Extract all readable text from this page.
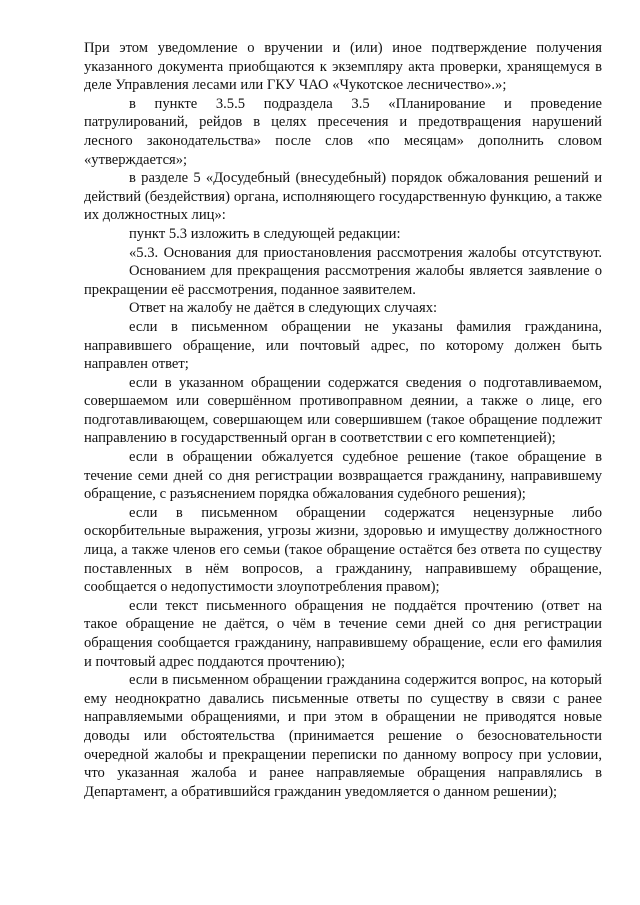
При этом уведомление о вручении и (или) иное подтверждение получения указанного документа приобщаются к экземпляру акта проверки, хранящемуся в деле Управления лесами или ГКУ ЧАО «Чукотское лесничество».»;

в пункте 3.5.5 подраздела 3.5 «Планирование и проведение патрулирований, рейдов в целях пресечения и предотвращения нарушений лесного законодательства» после слов «по месяцам» дополнить словом «утверждается»;

в разделе 5 «Досудебный (внесудебный) порядок обжалования решений и действий (бездействия) органа, исполняющего государственную функцию, а также их должностных лиц»:

пункт 5.3 изложить в следующей редакции:

«5.3. Основания для приостановления рассмотрения жалобы отсутствуют.

Основанием для прекращения рассмотрения жалобы является заявление о прекращении её рассмотрения, поданное заявителем.

Ответ на жалобу не даётся в следующих случаях:

если в письменном обращении не указаны фамилия гражданина, направившего обращение, или почтовый адрес, по которому должен быть направлен ответ;

если в указанном обращении содержатся сведения о подготавливаемом, совершаемом или совершённом противоправном деянии, а также о лице, его подготавливающем, совершающем или совершившем (такое обращение подлежит направлению в государственный орган в соответствии с его компетенцией);

если в обращении обжалуется судебное решение (такое обращение в течение семи дней со дня регистрации возвращается гражданину, направившему обращение, с разъяснением порядка обжалования судебного решения);

если в письменном обращении содержатся нецензурные либо оскорбительные выражения, угрозы жизни, здоровью и имуществу должностного лица, а также членов его семьи (такое обращение остаётся без ответа по существу поставленных в нём вопросов, а гражданину, направившему обращение, сообщается о недопустимости злоупотребления правом);

если текст письменного обращения не поддаётся прочтению (ответ на такое обращение не даётся, о чём в течение семи дней со дня регистрации обращения сообщается гражданину, направившему обращение, если его фамилия и почтовый адрес поддаются прочтению);

если в письменном обращении гражданина содержится вопрос, на который ему неоднократно давались письменные ответы по существу в связи с ранее направляемыми обращениями, и при этом в обращении не приводятся новые доводы или обстоятельства (принимается решение о безосновательности очередной жалобы и прекращении переписки по данному вопросу при условии, что указанная жалоба и ранее направляемые обращения направлялись в Департамент, а обратившийся гражданин уведомляется о данном решении);
